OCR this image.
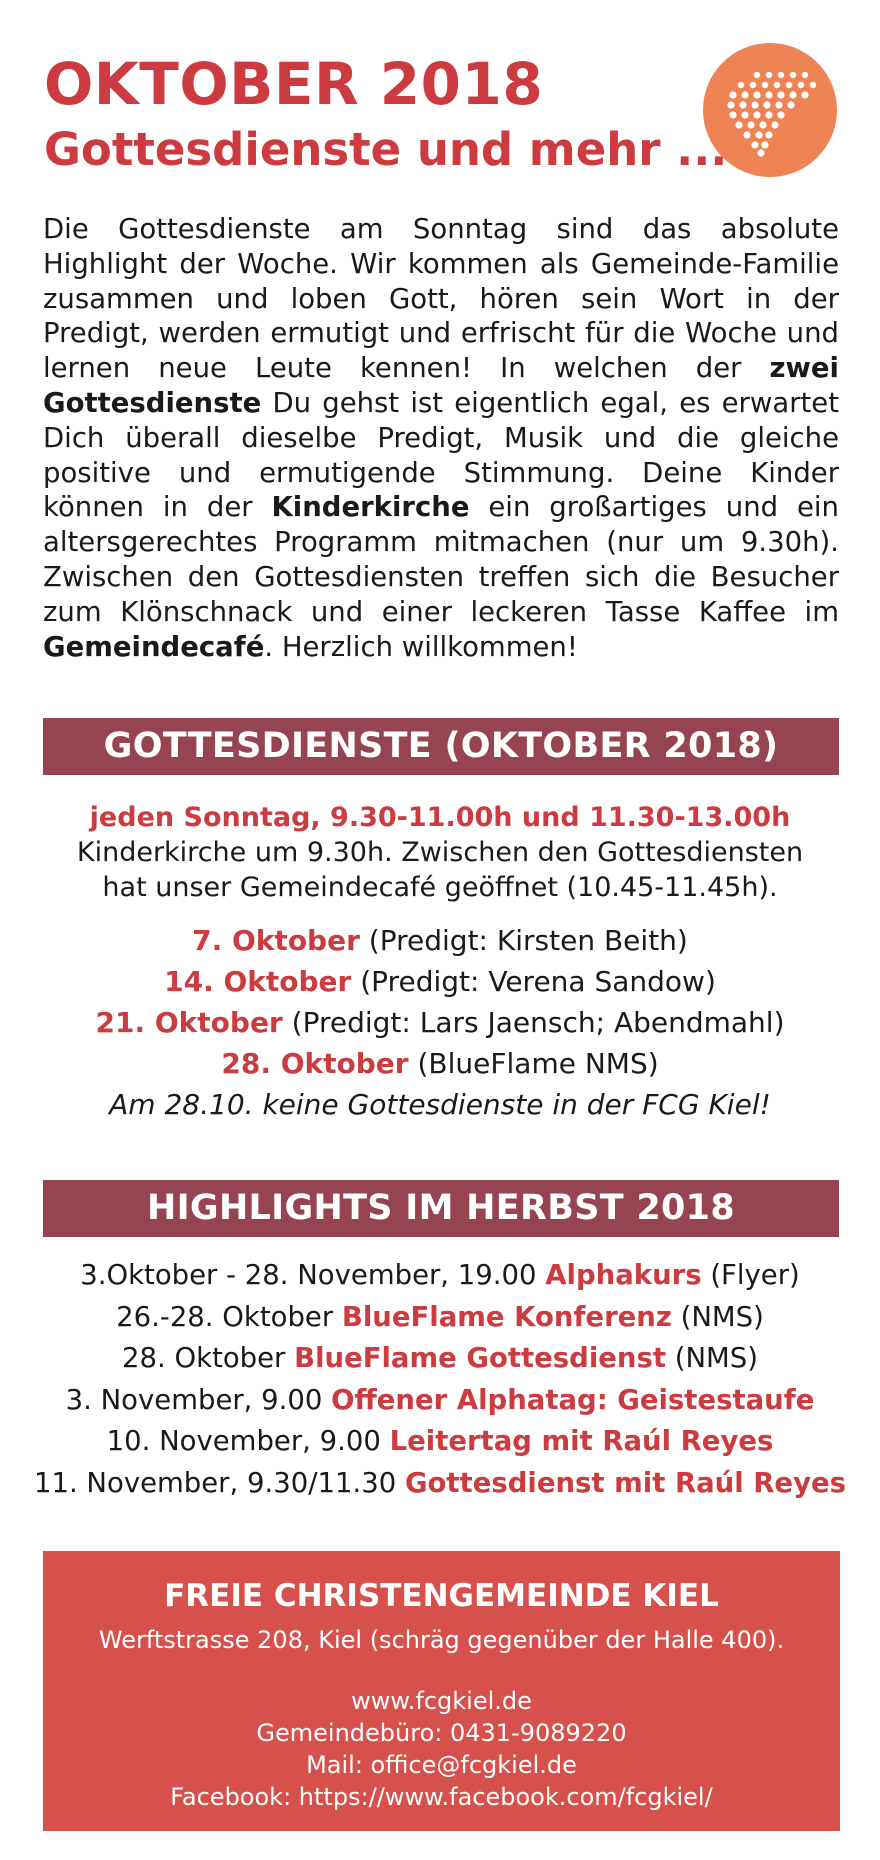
OKTOBER 2018
Gottesdienste und mehr ...
Die Gottesdienste am Sonntag sind das absolute Highlight der Woche. Wir kommen als Gemeinde-Familie zusammen und loben Gott, hören sein Wort in der Predigt, werden ermutigt und erfrischt für die Woche und lernen neue Leute kennen! In welchen der zwei Gottesdienste Du gehst ist eigentlich egal, es erwartet Dich überall dieselbe Predigt, Musik und die gleiche positive und ermutigende Stimmung. Deine Kinder können in der Kinderkirche ein großartiges und ein altersgerechtes Programm mitmachen (nur um 9.30h). Zwischen den Gottesdiensten treffen sich die Besucher zum Klönschnack und einer leckeren Tasse Kaffee im Gemeindecafé. Herzlich willkommen!
GOTTESDIENSTE (OKTOBER 2018)
jeden Sonntag, 9.30-11.00h und 11.30-13.00h
Kinderkirche um 9.30h. Zwischen den Gottesdiensten
hat unser Gemeindecafé geöffnet (10.45-11.45h).
7. Oktober (Predigt: Kirsten Beith)
14. Oktober (Predigt: Verena Sandow)
21. Oktober (Predigt: Lars Jaensch; Abendmahl)
28. Oktober (BlueFlame NMS)
Am 28.10. keine Gottesdienste in der FCG Kiel!
HIGHLIGHTS IM HERBST 2018
3.Oktober - 28. November, 19.00 Alphakurs (Flyer)
26.-28. Oktober BlueFlame Konferenz (NMS)
28. Oktober BlueFlame Gottesdienst (NMS)
3. November, 9.00 Offener Alphatag: Geistestaufe
10. November, 9.00 Leitertag mit Raúl Reyes
11. November, 9.30/11.30 Gottesdienst mit Raúl Reyes
FREIE CHRISTENGEMEINDE KIEL
Werftstrasse 208, Kiel (schräg gegenüber der Halle 400).
www.fcgkiel.de
Gemeindebüro: 0431-9089220
Mail: office@fcgkiel.de
Facebook: https://www.facebook.com/fcgkiel/
